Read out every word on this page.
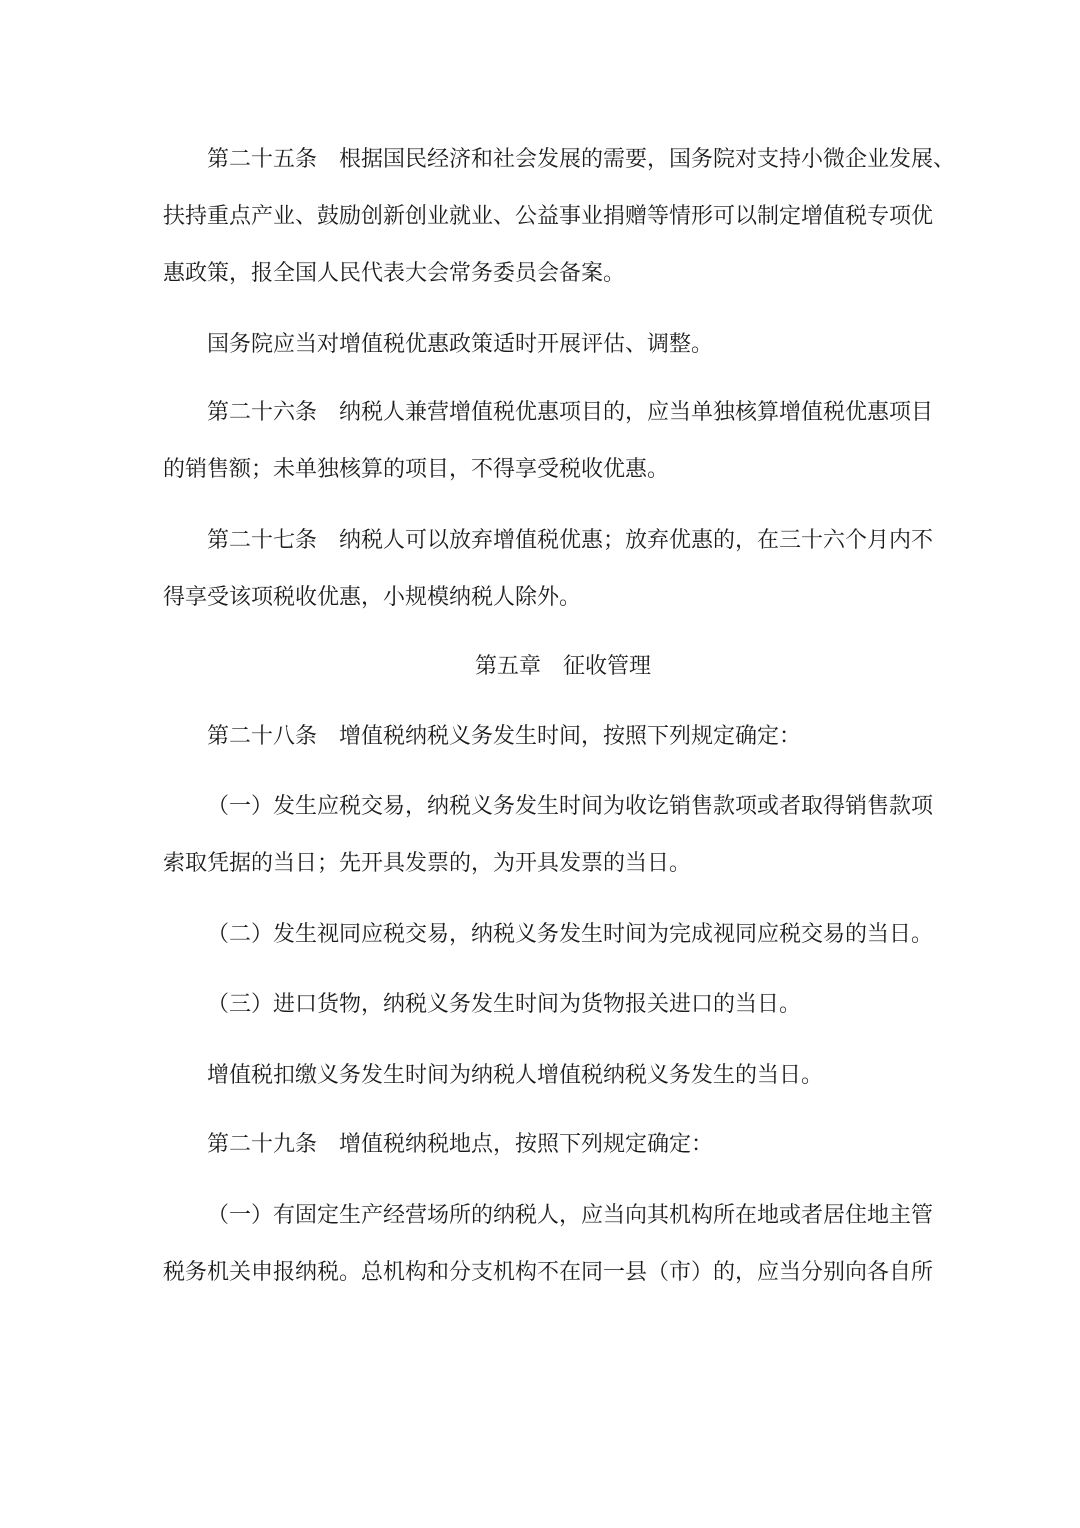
第二十五条　根据国民经济和社会发展的需要，国务院对支持小微企业发展、
扶持重点产业、鼓励创新创业就业、公益事业捐赠等情形可以制定增值税专项优
惠政策，报全国人民代表大会常务委员会备案。
国务院应当对增值税优惠政策适时开展评估、调整。
第二十六条　纳税人兼营增值税优惠项目的，应当单独核算增值税优惠项目
的销售额；未单独核算的项目，不得享受税收优惠。
第二十七条　纳税人可以放弃增值税优惠；放弃优惠的，在三十六个月内不
得享受该项税收优惠，小规模纳税人除外。
第五章　征收管理
第二十八条　增值税纳税义务发生时间，按照下列规定确定：
（一）发生应税交易，纳税义务发生时间为收讫销售款项或者取得销售款项
索取凭据的当日；先开具发票的，为开具发票的当日。
（二）发生视同应税交易，纳税义务发生时间为完成视同应税交易的当日。
（三）进口货物，纳税义务发生时间为货物报关进口的当日。
增值税扣缴义务发生时间为纳税人增值税纳税义务发生的当日。
第二十九条　增值税纳税地点，按照下列规定确定：
（一）有固定生产经营场所的纳税人，应当向其机构所在地或者居住地主管
税务机关申报纳税。总机构和分支机构不在同一县（市）的，应当分别向各自所
